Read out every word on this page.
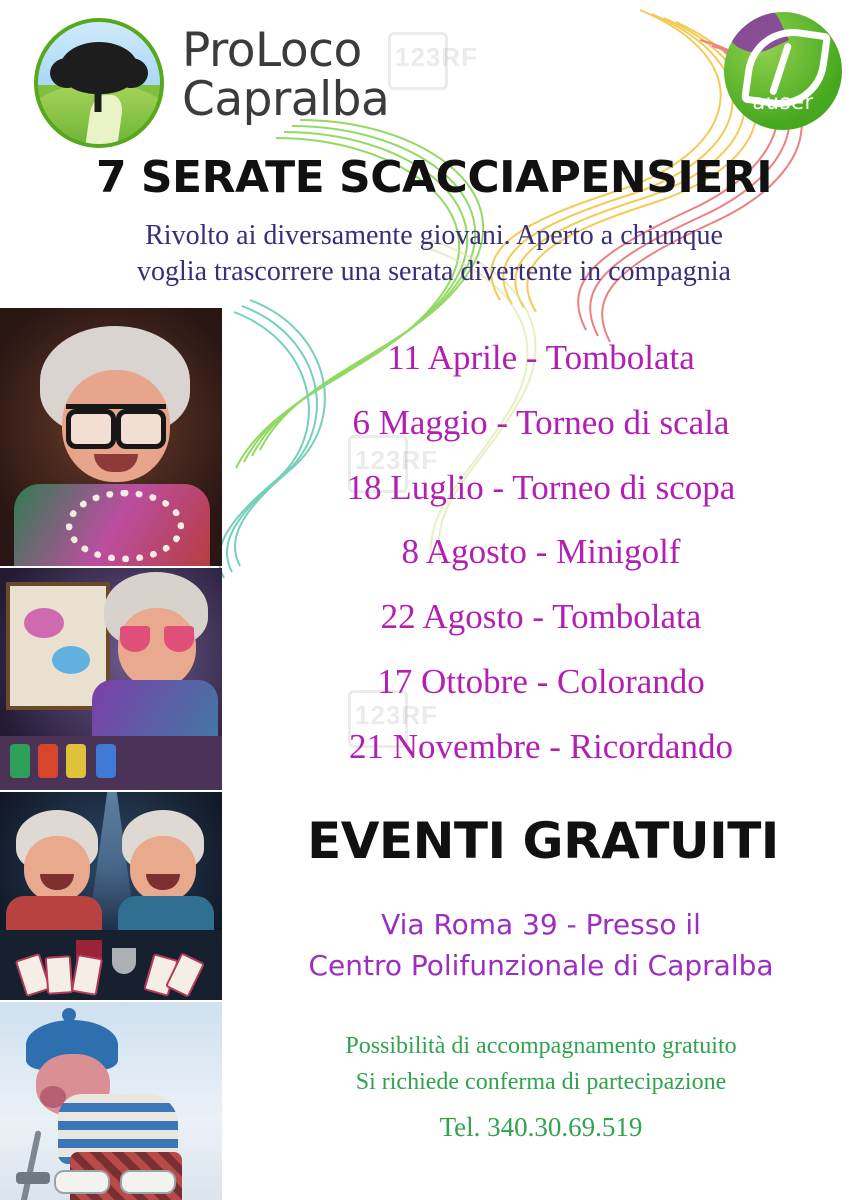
123RF
123RF
123RF
ProLoco
Capralba	auser
7 SERATE SCACCIAPENSIERI
Rivolto ai diversamente giovani. Aperto a chiunque
voglia trascorrere una serata divertente in compagnia
11 Aprile - Tombolata
6 Maggio - Torneo di scala
18 Luglio - Torneo di scopa
8 Agosto - Minigolf
22 Agosto - Tombolata
17 Ottobre - Colorando
21 Novembre - Ricordando
EVENTI GRATUITI
Via Roma 39 - Presso il
Centro Polifunzionale di Capralba
Possibilità di accompagnamento gratuito
Si richiede conferma di partecipazione
Tel. 340.30.69.519
